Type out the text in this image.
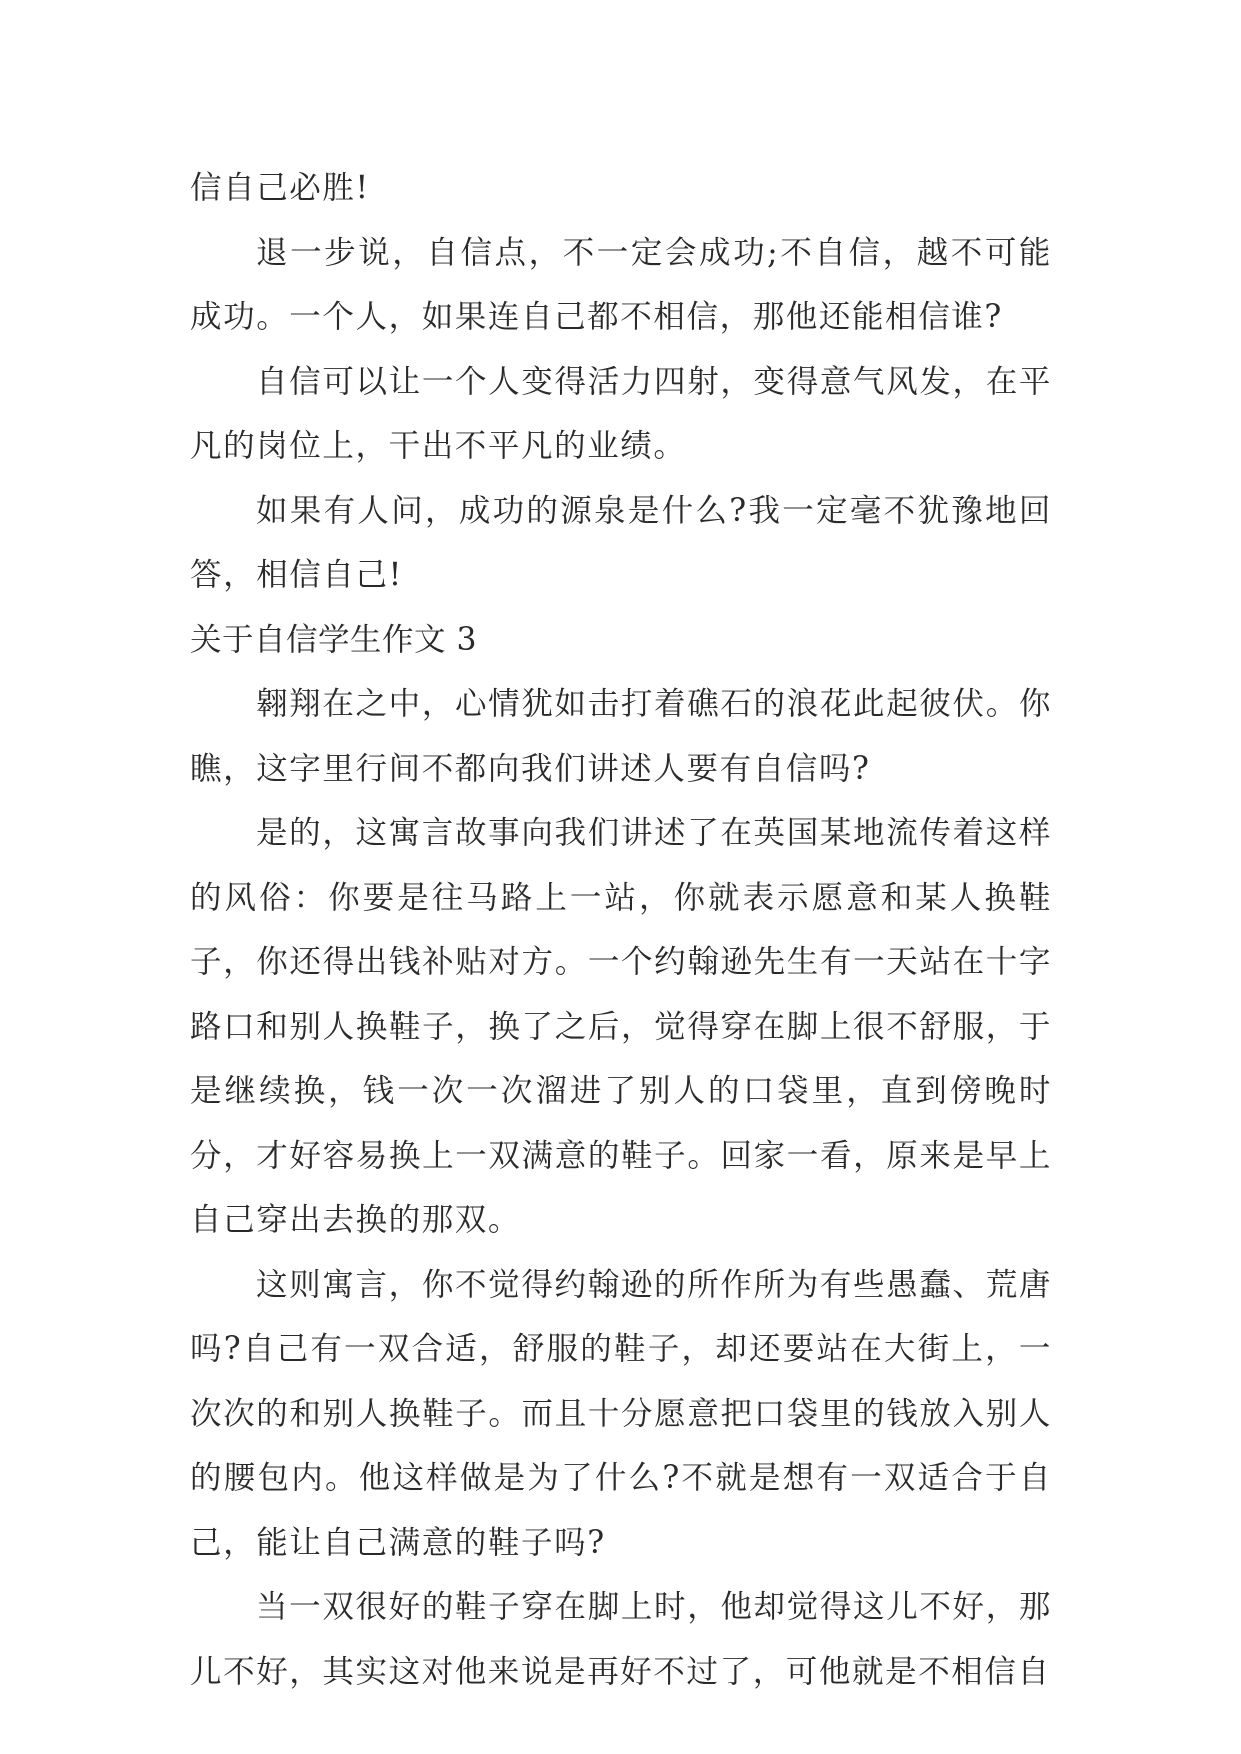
信自己必胜!

退一步说，自信点，不一定会成功;不自信，越不可能成功。一个人，如果连自己都不相信，那他还能相信谁?

自信可以让一个人变得活力四射，变得意气风发，在平凡的岗位上，干出不平凡的业绩。

如果有人问，成功的源泉是什么?我一定毫不犹豫地回答，相信自己!

关于自信学生作文 3

翱翔在之中，心情犹如击打着礁石的浪花此起彼伏。你瞧，这字里行间不都向我们讲述人要有自信吗?

是的，这寓言故事向我们讲述了在英国某地流传着这样的风俗：你要是往马路上一站，你就表示愿意和某人换鞋子，你还得出钱补贴对方。一个约翰逊先生有一天站在十字路口和别人换鞋子，换了之后，觉得穿在脚上很不舒服，于是继续换，钱一次一次溜进了别人的口袋里，直到傍晚时分，才好容易换上一双满意的鞋子。回家一看，原来是早上自己穿出去换的那双。

这则寓言，你不觉得约翰逊的所作所为有些愚蠢、荒唐吗?自己有一双合适，舒服的鞋子，却还要站在大街上，一次次的和别人换鞋子。而且十分愿意把口袋里的钱放入别人的腰包内。他这样做是为了什么?不就是想有一双适合于自己，能让自己满意的鞋子吗?

当一双很好的鞋子穿在脚上时，他却觉得这儿不好，那儿不好，其实这对他来说是再好不过了，可他就是不相信自
